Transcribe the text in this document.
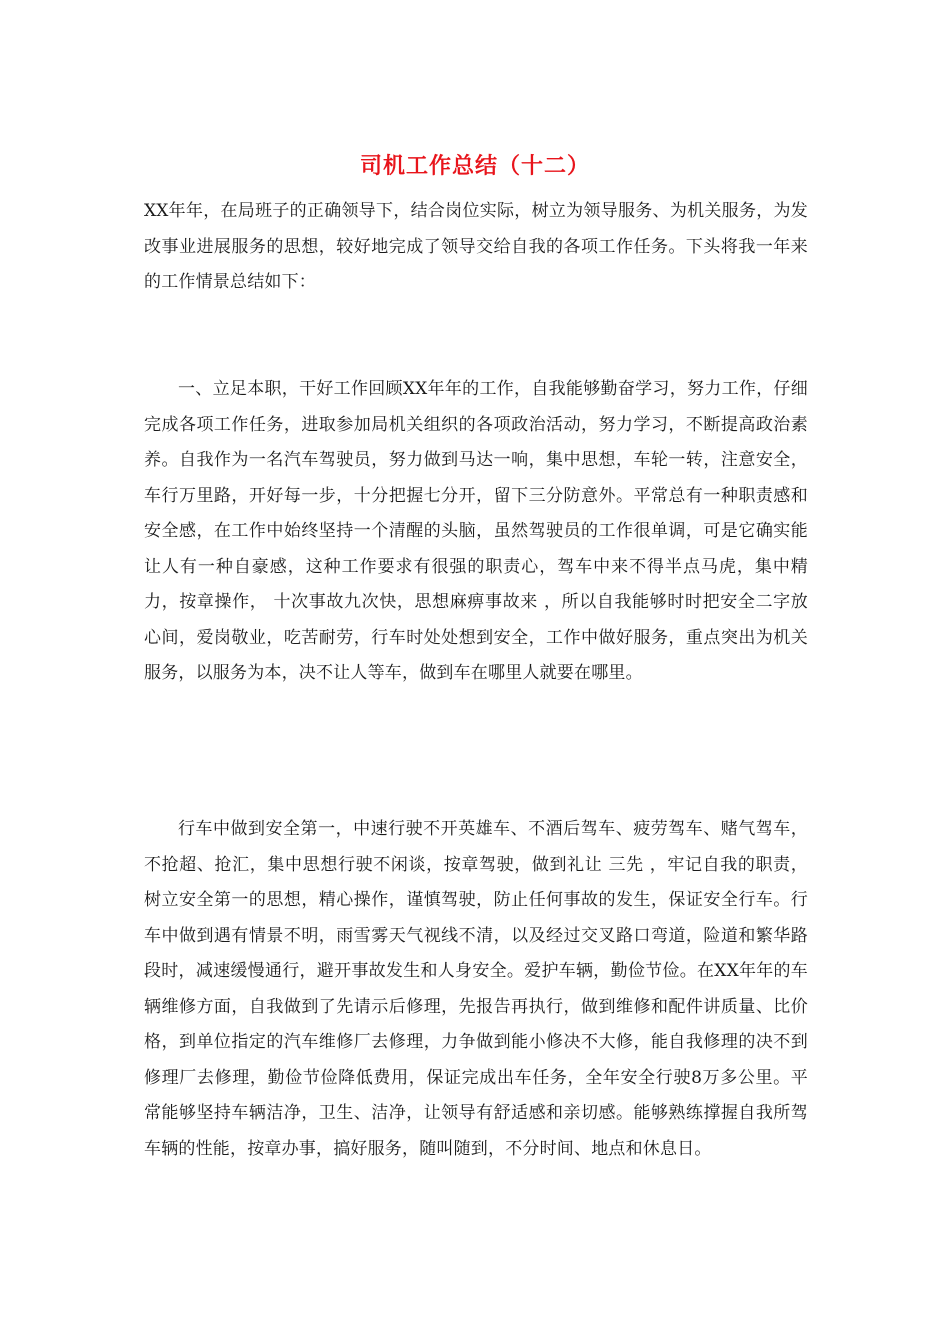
司机工作总结（十二）

XX年年，在局班子的正确领导下，结合岗位实际，树立为领导服务、为机关服务，为发改事业进展服务的思想，较好地完成了领导交给自我的各项工作任务。下头将我一年来的工作情景总结如下：

一、立足本职，干好工作回顾XX年年的工作，自我能够勤奋学习，努力工作，仔细完成各项工作任务，进取参加局机关组织的各项政治活动，努力学习，不断提高政治素养。自我作为一名汽车驾驶员，努力做到马达一响，集中思想，车轮一转，注意安全，车行万里路，开好每一步，十分把握七分开，留下三分防意外。平常总有一种职责感和安全感，在工作中始终坚持一个清醒的头脑，虽然驾驶员的工作很单调，可是它确实能让人有一种自豪感，这种工作要求有很强的职责心，驾车中来不得半点马虎，集中精力，按章操作， 十次事故九次快，思想麻痹事故来 ，所以自我能够时时把安全二字放心间，爱岗敬业，吃苦耐劳，行车时处处想到安全，工作中做好服务，重点突出为机关服务，以服务为本，决不让人等车，做到车在哪里人就要在哪里。

行车中做到安全第一，中速行驶不开英雄车、不酒后驾车、疲劳驾车、赌气驾车，不抢超、抢汇，集中思想行驶不闲谈，按章驾驶，做到礼让 三先 ，牢记自我的职责，树立安全第一的思想，精心操作，谨慎驾驶，防止任何事故的发生，保证安全行车。行车中做到遇有情景不明，雨雪雾天气视线不清，以及经过交叉路口弯道，险道和繁华路段时，减速缓慢通行，避开事故发生和人身安全。爱护车辆，勤俭节俭。在XX年年的车辆维修方面，自我做到了先请示后修理，先报告再执行，做到维修和配件讲质量、比价格，到单位指定的汽车维修厂去修理，力争做到能小修决不大修，能自我修理的决不到修理厂去修理，勤俭节俭降低费用，保证完成出车任务，全年安全行驶8万多公里。平常能够坚持车辆洁净，卫生、洁净，让领导有舒适感和亲切感。能够熟练撑握自我所驾车辆的性能，按章办事，搞好服务，随叫随到，不分时间、地点和休息日。
